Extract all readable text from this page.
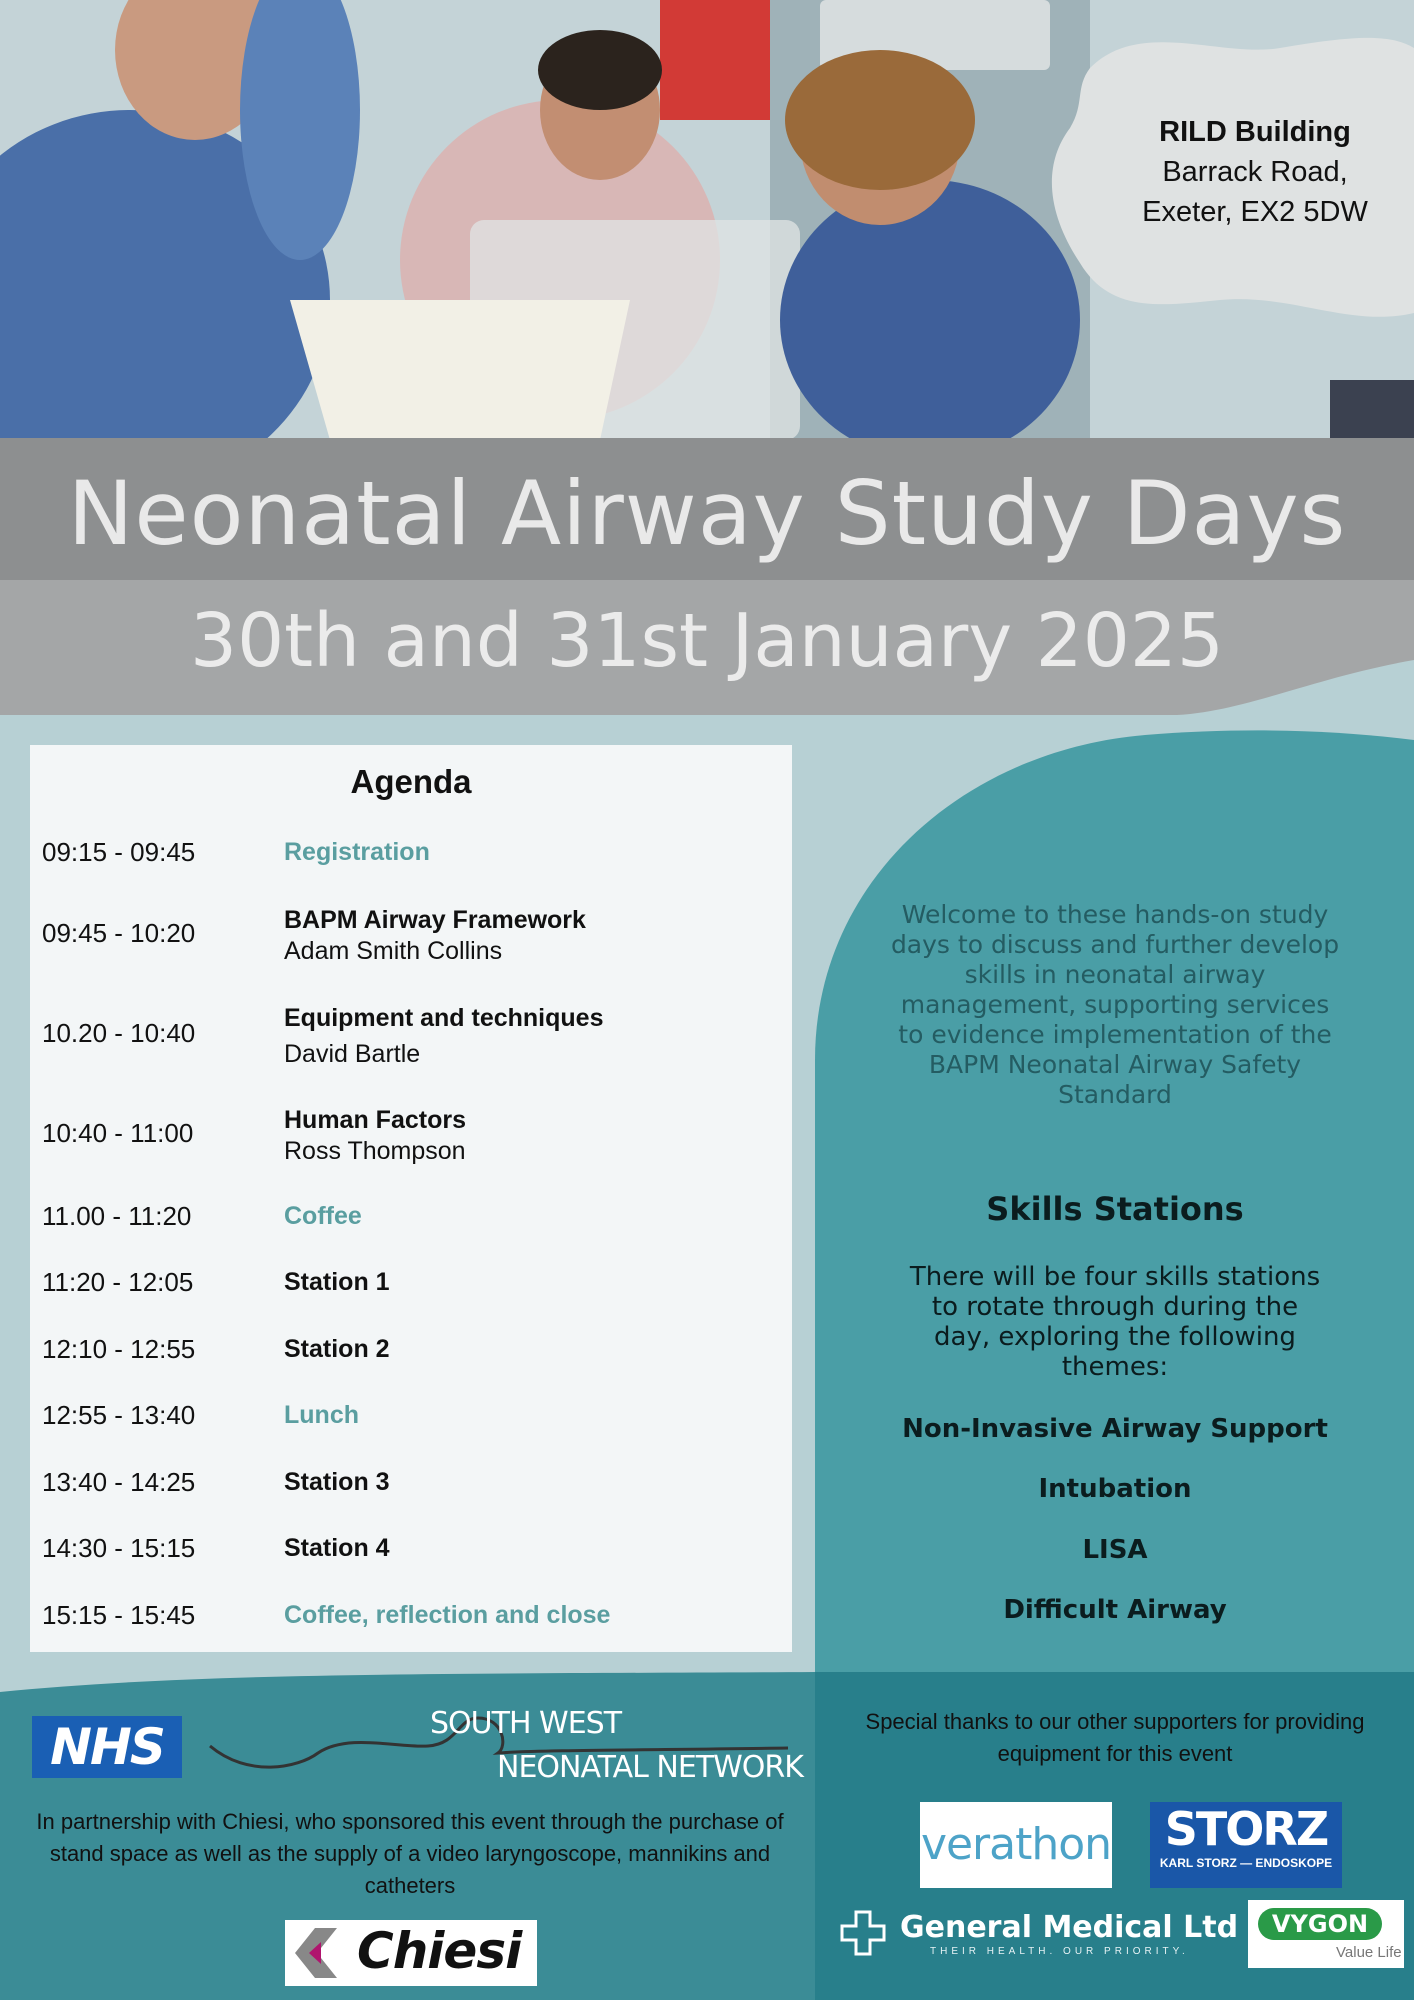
RILD Building
Barrack Road,
Exeter, EX2 5DW
Neonatal Airway Study Days
30th and 31st January 2025
Welcome to these hands-on study days to discuss and further develop skills in neonatal airway management, supporting services to evidence implementation of the BAPM Neonatal Airway Safety Standard
Skills Stations
There will be four skills stations to rotate through during the day, exploring the following themes:
Non-Invasive Airway Support
Intubation
LISA
Difficult Airway
Agenda
09:15 - 09:45	Registration
09:45 - 10:20	BAPM Airway Framework
Adam Smith Collins
10.20 - 10:40	Equipment and techniques
David Bartle
10:40 - 11:00	Human Factors
Ross Thompson
11.00 - 11:20	Coffee
11:20 - 12:05	Station 1
12:10 - 12:55	Station 2
12:55 - 13:40	Lunch
13:40 - 14:25	Station 3
14:30 - 15:15	Station 4
15:15 - 15:45	Coffee, reflection and close
NHS	SOUTH WEST
NEONATAL NETWORK
In partnership with Chiesi, who sponsored this event through the purchase of stand space as well as the supply of a video laryngoscope, mannikins and catheters
Chiesi
Special thanks to our other supporters for providing equipment for this event
verathon	STORZ
KARL STORZ — ENDOSKOPE
General Medical Ltd
THEIR HEALTH. OUR PRIORITY.
VYGON
Value Life
